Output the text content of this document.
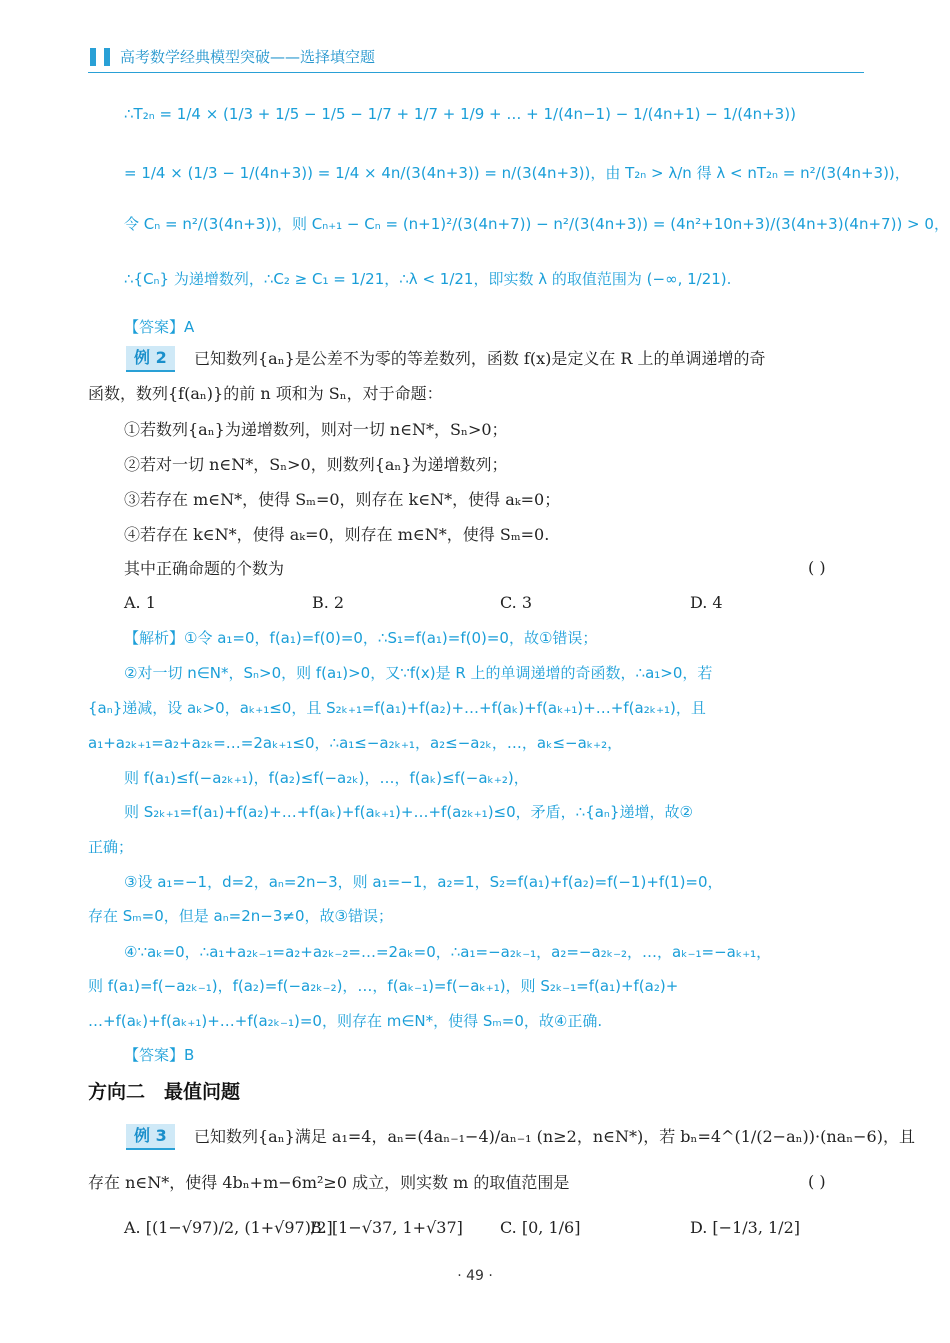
高考数学经典模型突破——选择填空题
∴T₂ₙ = 1/4 × (1/3 + 1/5 − 1/5 − 1/7 + 1/7 + 1/9 + … + 1/(4n−1) − 1/(4n+1) − 1/(4n+3))
= 1/4 × (1/3 − 1/(4n+3)) = 1/4 × 4n/(3(4n+3)) = n/(3(4n+3))，由 T₂ₙ > λ/n 得 λ < nT₂ₙ = n²/(3(4n+3))，
令 Cₙ = n²/(3(4n+3))，则 Cₙ₊₁ − Cₙ = (n+1)²/(3(4n+7)) − n²/(3(4n+3)) = (4n²+10n+3)/(3(4n+3)(4n+7)) > 0，
∴{Cₙ} 为递增数列，∴C₂ ≥ C₁ = 1/21，∴λ < 1/21，即实数 λ 的取值范围为 (−∞, 1/21).
【答案】A
例 2	已知数列{aₙ}是公差不为零的等差数列，函数 f(x)是定义在 R 上的单调递增的奇
函数，数列{f(aₙ)}的前 n 项和为 Sₙ，对于命题：
①若数列{aₙ}为递增数列，则对一切 n∈N*，Sₙ>0；
②若对一切 n∈N*，Sₙ>0，则数列{aₙ}为递增数列；
③若存在 m∈N*，使得 Sₘ=0，则存在 k∈N*，使得 aₖ=0；
④若存在 k∈N*，使得 aₖ=0，则存在 m∈N*，使得 Sₘ=0.
其中正确命题的个数为	( )
A. 1	B. 2	C. 3	D. 4
【解析】①令 a₁=0，f(a₁)=f(0)=0，∴S₁=f(a₁)=f(0)=0，故①错误；
②对一切 n∈N*，Sₙ>0，则 f(a₁)>0，又∵f(x)是 R 上的单调递增的奇函数，∴a₁>0，若
{aₙ}递减，设 aₖ>0，aₖ₊₁≤0，且 S₂ₖ₊₁=f(a₁)+f(a₂)+…+f(aₖ)+f(aₖ₊₁)+…+f(a₂ₖ₊₁)，且
a₁+a₂ₖ₊₁=a₂+a₂ₖ=…=2aₖ₊₁≤0，∴a₁≤−a₂ₖ₊₁，a₂≤−a₂ₖ，…，aₖ≤−aₖ₊₂，
则 f(a₁)≤f(−a₂ₖ₊₁)，f(a₂)≤f(−a₂ₖ)，…，f(aₖ)≤f(−aₖ₊₂)，
则 S₂ₖ₊₁=f(a₁)+f(a₂)+…+f(aₖ)+f(aₖ₊₁)+…+f(a₂ₖ₊₁)≤0，矛盾，∴{aₙ}递增，故②
正确；
③设 a₁=−1，d=2，aₙ=2n−3，则 a₁=−1，a₂=1，S₂=f(a₁)+f(a₂)=f(−1)+f(1)=0，
存在 Sₘ=0，但是 aₙ=2n−3≠0，故③错误；
④∵aₖ=0，∴a₁+a₂ₖ₋₁=a₂+a₂ₖ₋₂=…=2aₖ=0，∴a₁=−a₂ₖ₋₁，a₂=−a₂ₖ₋₂，…，aₖ₋₁=−aₖ₊₁，
则 f(a₁)=f(−a₂ₖ₋₁)，f(a₂)=f(−a₂ₖ₋₂)，…，f(aₖ₋₁)=f(−aₖ₊₁)，则 S₂ₖ₋₁=f(a₁)+f(a₂)+
…+f(aₖ)+f(aₖ₊₁)+…+f(a₂ₖ₋₁)=0，则存在 m∈N*，使得 Sₘ=0，故④正确.
【答案】B
方向二　最值问题
例 3	已知数列{aₙ}满足 a₁=4，aₙ=(4aₙ₋₁−4)/aₙ₋₁ (n≥2，n∈N*)，若 bₙ=4^(1/(2−aₙ))·(naₙ−6)，且
存在 n∈N*，使得 4bₙ+m−6m²≥0 成立，则实数 m 的取值范围是	( )
A. [(1−√97)/2, (1+√97)/2]
B. [1−√37, 1+√37] C. [0, 1/6]	D. [−1/3, 1/2]
· 49 ·
